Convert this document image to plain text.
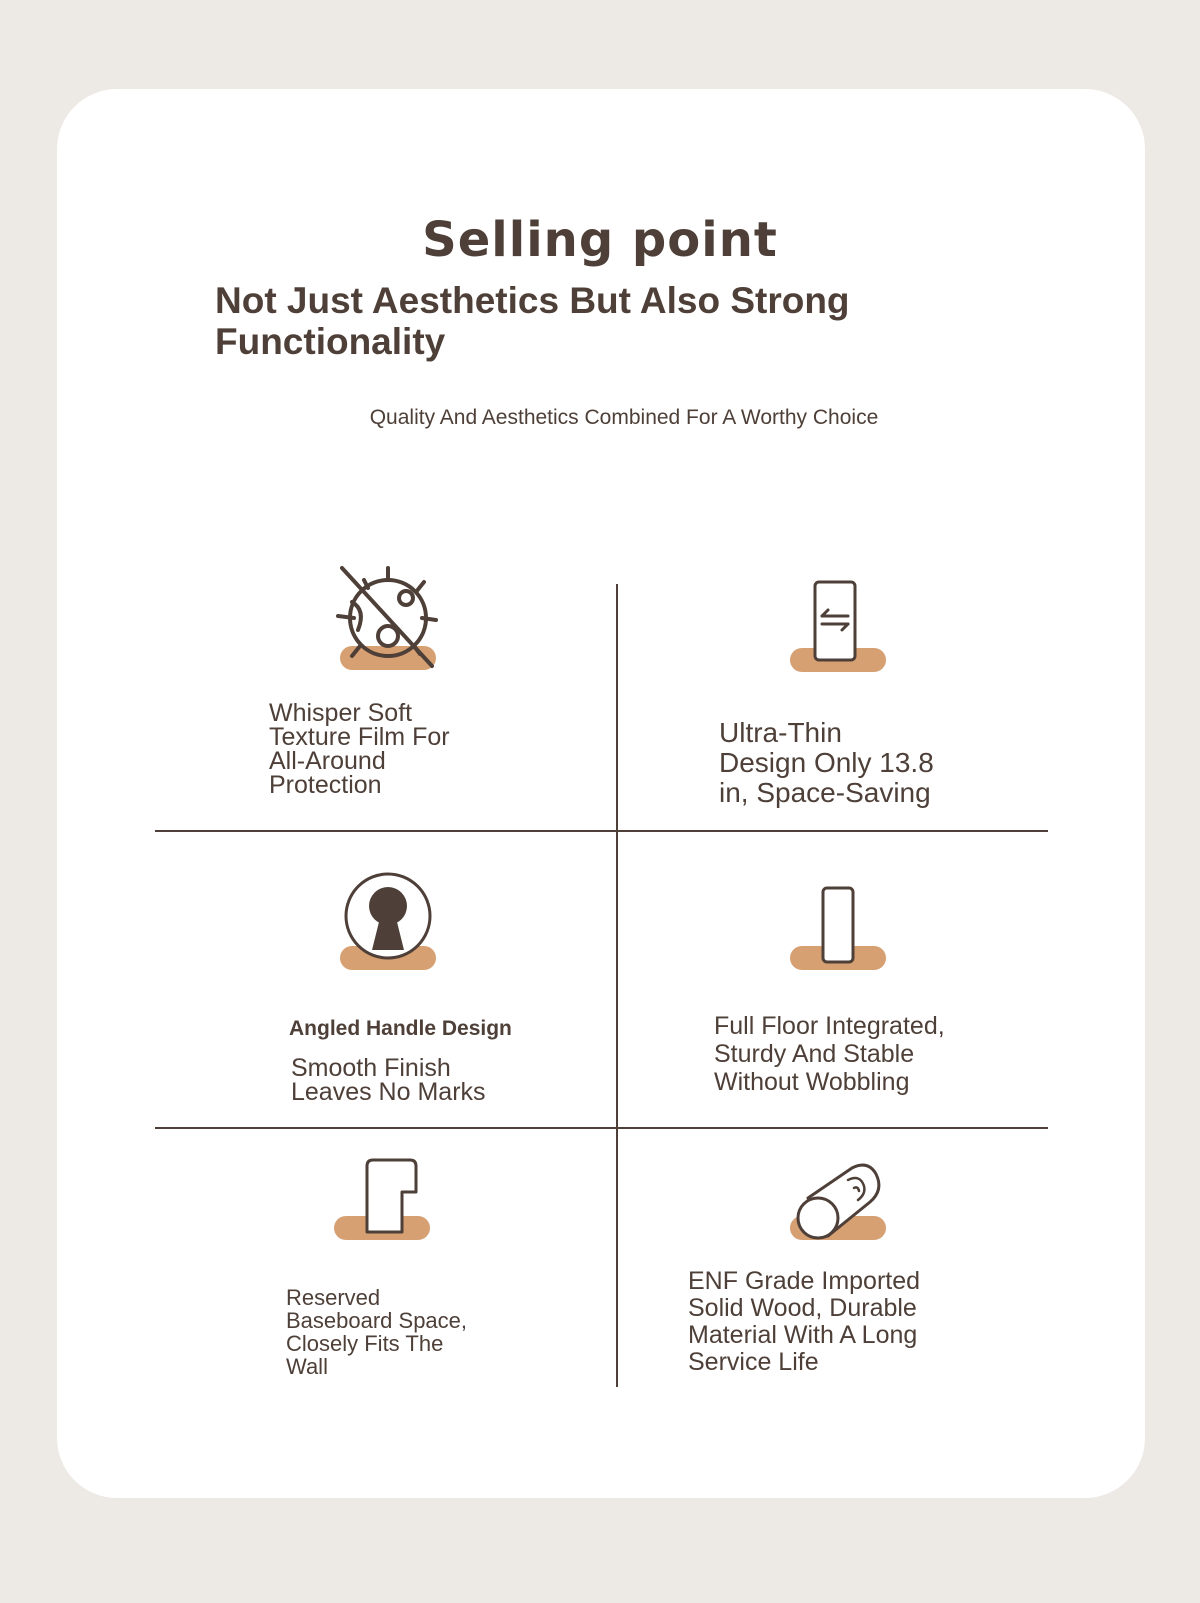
Selling point
Not Just Aesthetics But Also Strong Functionality

Quality And Aesthetics Combined For A Worthy Choice

Whisper Soft
Texture Film For
All-Around
Protection

Ultra-Thin
Design Only 13.8
in, Space-Saving

Angled Handle Design

Smooth Finish
Leaves No Marks

Full Floor Integrated,
Sturdy And Stable
Without Wobbling

Reserved
Baseboard Space,
Closely Fits The
Wall

ENF Grade Imported
Solid Wood, Durable
Material With A Long
Service Life
